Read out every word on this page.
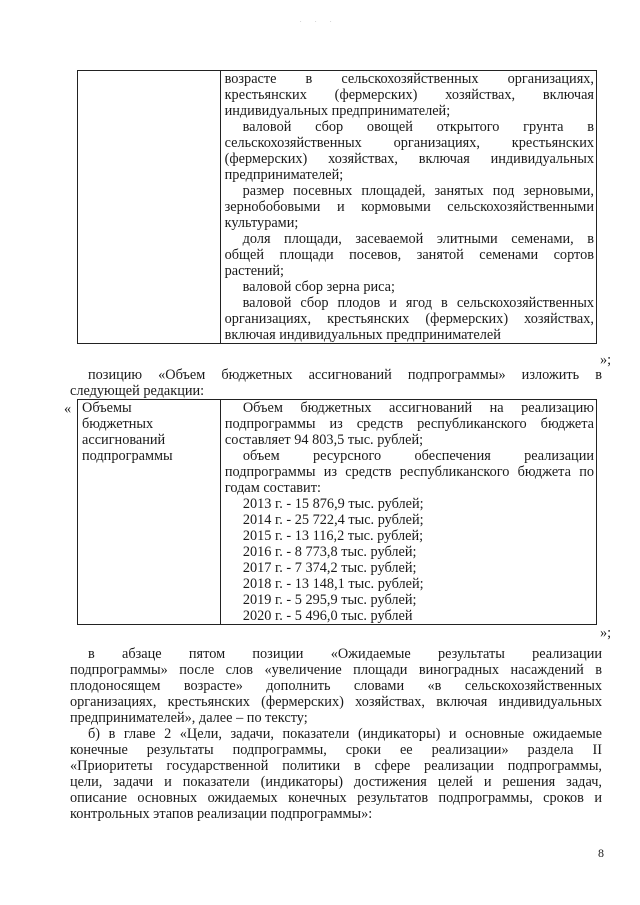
. . .

возрасте в сельскохозяйственных организациях,
крестьянских (фермерских) хозяйствах, включая
индивидуальных предпринимателей;
валовой сбор овощей открытого грунта в
сельскохозяйственных организациях, крестьянских
(фермерских) хозяйствах, включая индивидуальных
предпринимателей;
размер посевных площадей, занятых под зерновыми,
зернобобовыми и кормовыми сельскохозяйственными
культурами;
доля площади, засеваемой элитными семенами, в
общей площади посевов, занятой семенами сортов
растений;
валовой сбор зерна риса;
валовой сбор плодов и ягод в сельскохозяйственных
организациях, крестьянских (фермерских) хозяйствах,
включая индивидуальных предпринимателей
»;
позицию «Объем бюджетных ассигнований подпрограммы» изложить в
следующей редакции:
« Объемы
бюджетных
ассигнований
подпрограммы

Объем бюджетных ассигнований на реализацию
подпрограммы из средств республиканского бюджета
составляет 94 803,5 тыс. рублей;
объем ресурсного обеспечения реализации
подпрограммы из средств республиканского бюджета по
годам составит:
2013 г. - 15 876,9 тыс. рублей;
2014 г. - 25 722,4 тыс. рублей;
2015 г. - 13 116,2 тыс. рублей;
2016 г. - 8 773,8 тыс. рублей;
2017 г. - 7 374,2 тыс. рублей;
2018 г. - 13 148,1 тыс. рублей;
2019 г. - 5 295,9 тыс. рублей;
2020 г. - 5 496,0 тыс. рублей
»;
в абзаце пятом позиции «Ожидаемые результаты реализации
подпрограммы» после слов «увеличение площади виноградных насаждений в
плодоносящем возрасте» дополнить словами «в сельскохозяйственных
организациях, крестьянских (фермерских) хозяйствах, включая индивидуальных
предпринимателей», далее – по тексту;
б) в главе 2 «Цели, задачи, показатели (индикаторы) и основные ожидаемые
конечные результаты подпрограммы, сроки ее реализации» раздела II
«Приоритеты государственной политики в сфере реализации подпрограммы,
цели, задачи и показатели (индикаторы) достижения целей и решения задач,
описание основных ожидаемых конечных результатов подпрограммы, сроков и
контрольных этапов реализации подпрограммы»:
8
